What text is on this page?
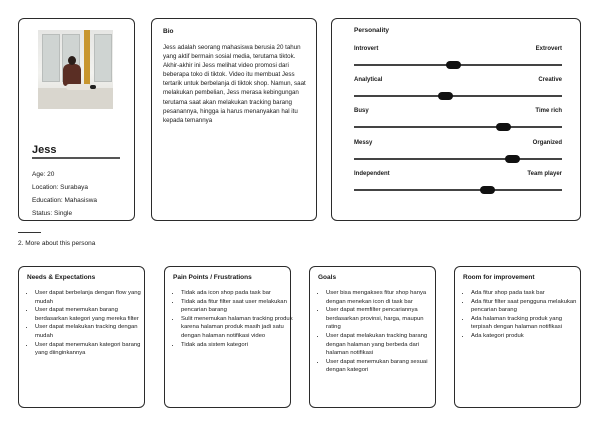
Jess
Age: 20
Location: Surabaya
Education: Mahasiswa
Status: Single
Bio
Jess adalah seorang mahasiswa berusia 20 tahun yang aktif bermain sosial media, terutama tiktok. Akhir-akhir ini Jess melihat video promosi dari beberapa toko di tiktok. Video itu membuat Jess tertarik untuk berbelanja di tiktok shop. Namun, saat melakukan pembelian, Jess merasa kebingungan terutama saat akan melakukan tracking barang pesanannya, hingga ia harus menanyakan hal itu kepada temannya
Personality
Introvert	Extrovert
Analytical	Creative
Busy	Time rich
Messy	Organized
Independent	Team player
2. More about this persona
Needs & Expectations
• User dapat berbelanja dengan flow yang mudah
• User dapat menemukan barang berdasarkan kategori yang mereka filter
• User dapat melakukan tracking dengan mudah
• User dapat menemukan kategori barang yang diinginkannya
Pain Points / Frustrations
• Tidak ada icon shop pada task bar
• Tidak ada fitur filter saat user melakukan pencarian barang
• Sulit menemukan halaman tracking produk karena halaman produk masih jadi satu dengan halaman notifikasi video
• Tidak ada sistem kategori
Goals
• User bisa mengakses fitur shop hanya dengan menekan icon di task bar
• User dapat memfilter pencariannya berdasarkan provinsi, harga, maupun rating
• User dapat melakukan tracking barang dengan halaman yang berbeda dari halaman notifikasi
• User dapat menemukan barang sesuai dengan kategori
Room for improvement
• Ada fitur shop pada task bar
• Ada fitur filter saat pengguna melakukan pencarian barang
• Ada halaman tracking produk yang terpisah dengan halaman notifikasi
• Ada kategori produk
